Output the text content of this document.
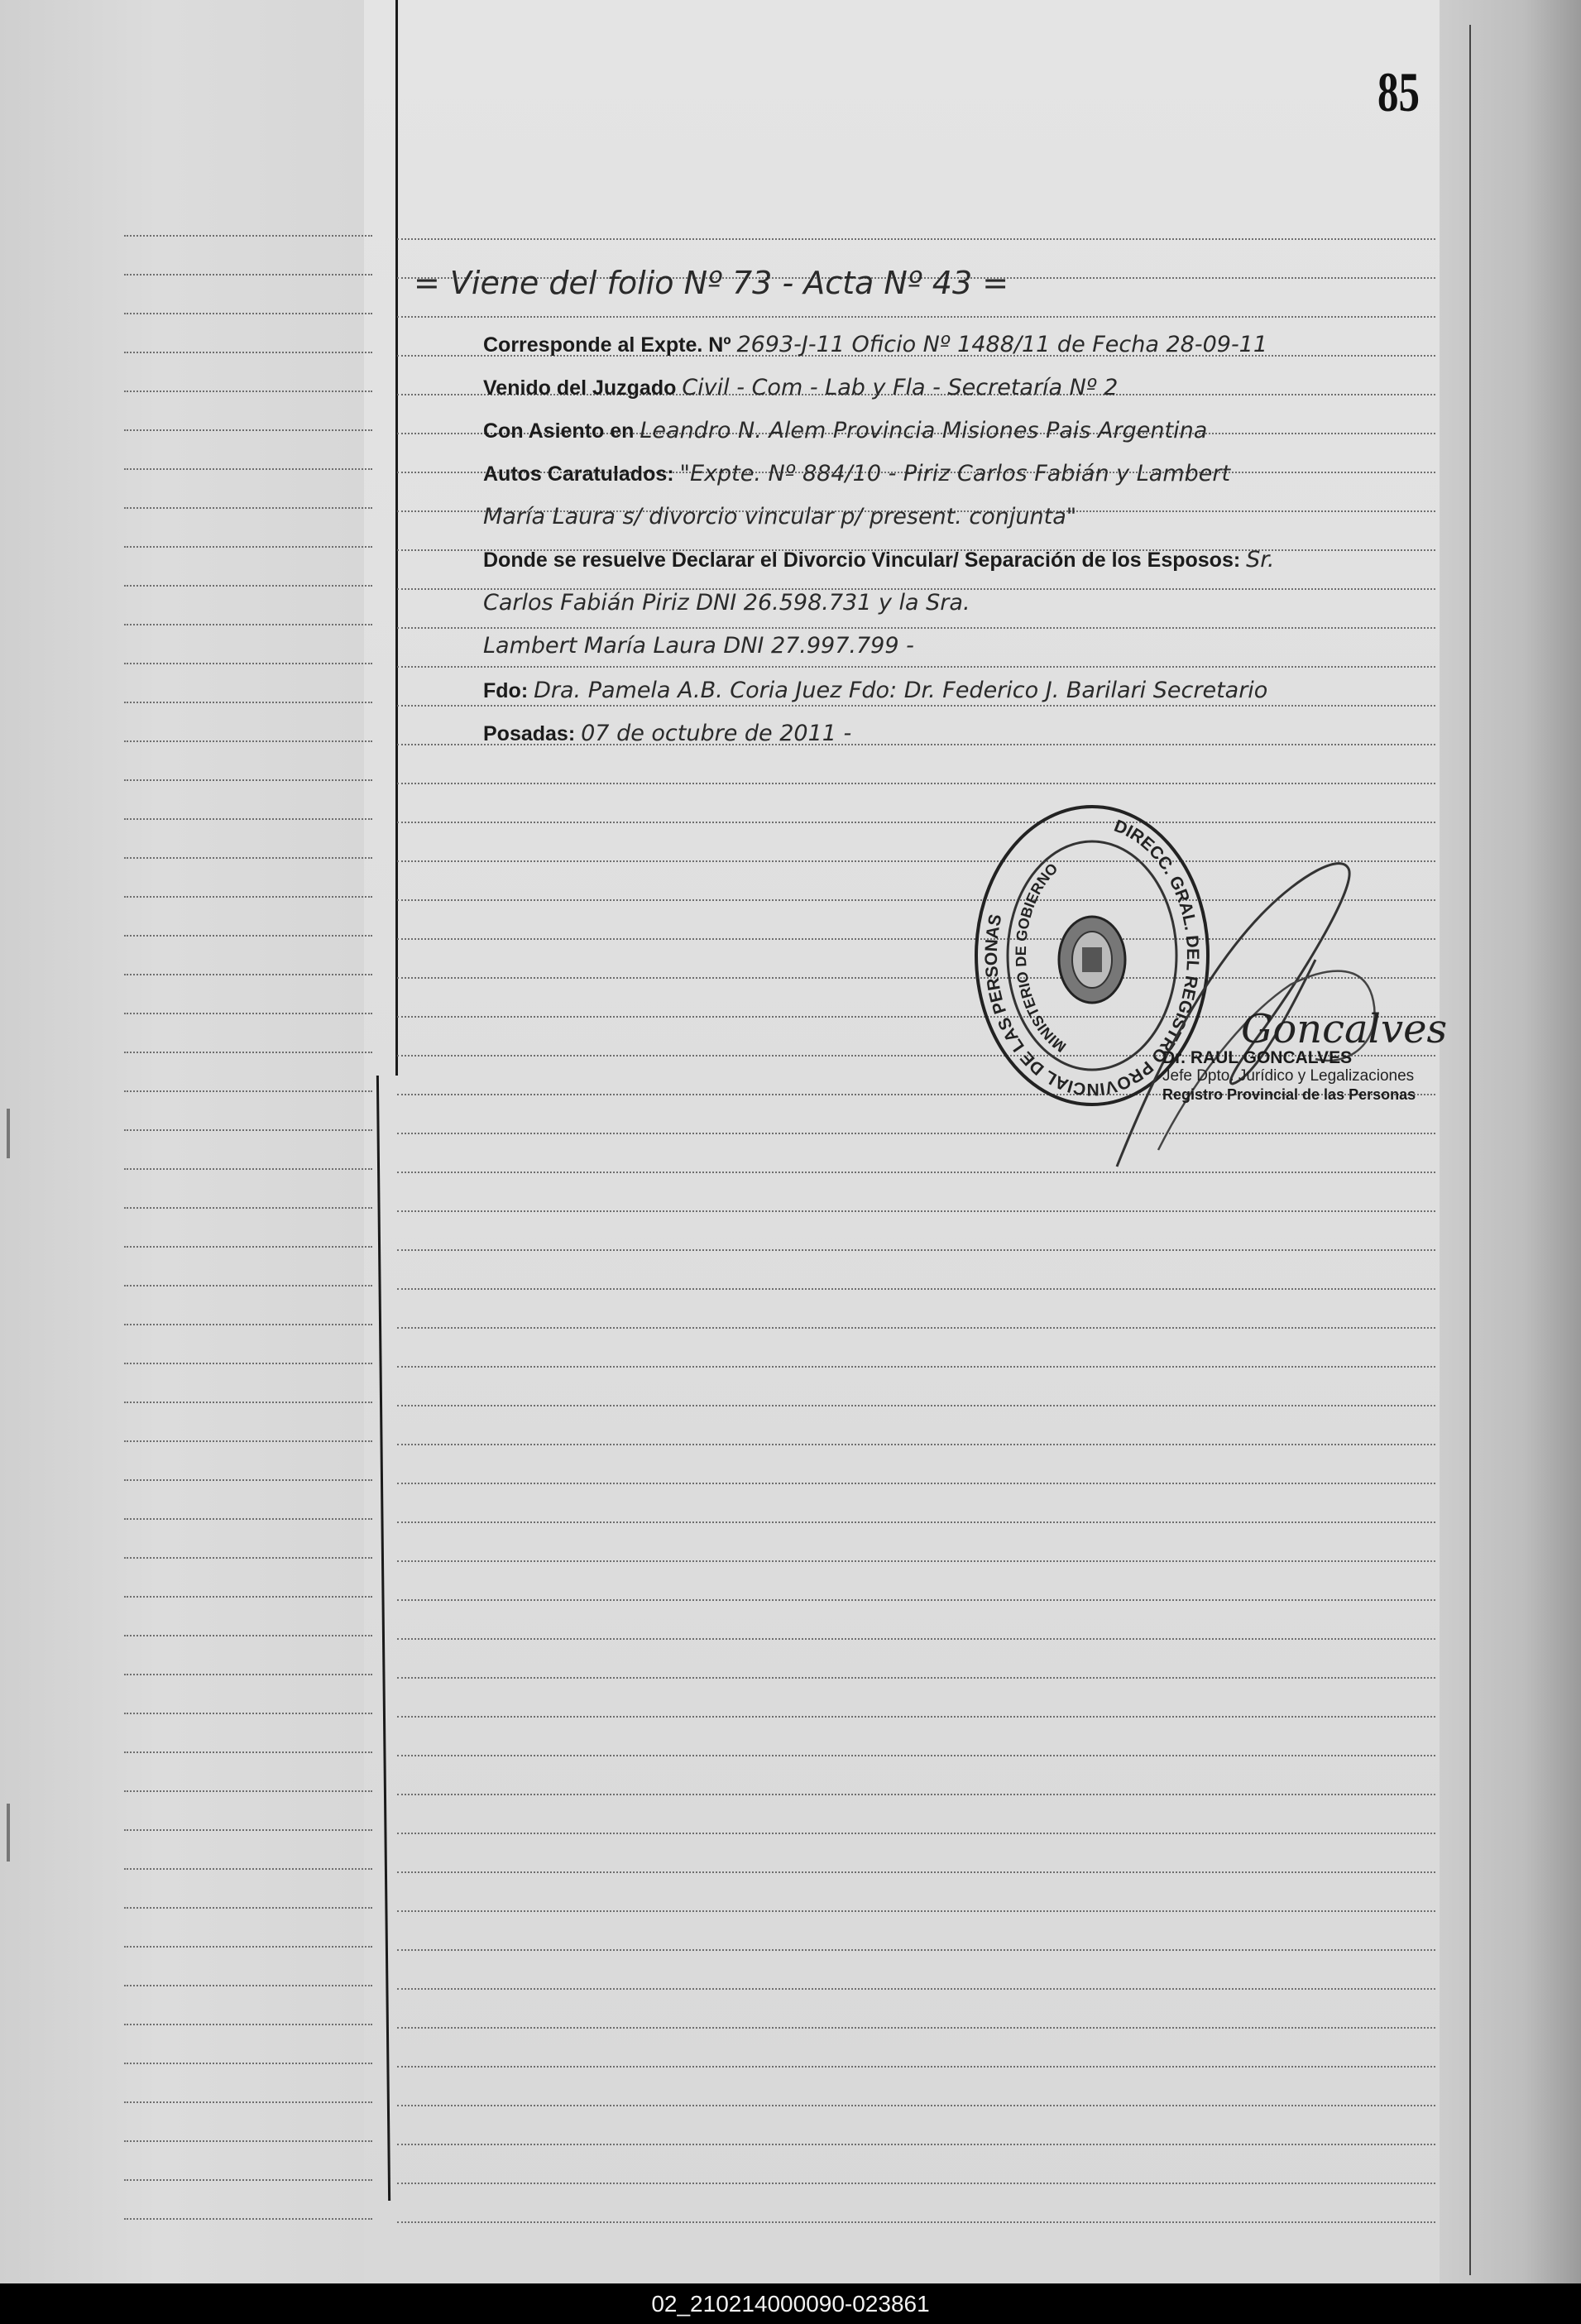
85
= Viene del folio Nº 73 - Acta Nº 43 =
Corresponde al Expte. Nº 2693-J-11 Oficio Nº 1488/11 de Fecha 28-09-11
Venido del Juzgado Civil - Com - Lab y Fla - Secretaría Nº 2
Con Asiento en Leandro N. Alem Provincia Misiones Pais Argentina
Autos Caratulados: "Expte. Nº 884/10 - Piriz Carlos Fabián y Lambert
María Laura s/ divorcio vincular p/ present. conjunta"
Donde se resuelve Declarar el Divorcio Vincular/ Separación de los Esposos: Sr.
Carlos Fabián Piriz DNI 26.598.731 y la Sra.
Lambert María Laura DNI 27.997.799 -
Fdo: Dra. Pamela A.B. Coria Juez Fdo: Dr. Federico J. Barilari Secretario
Posadas: 07 de octubre de 2011 -
DIRECC. GRAL. DEL REGISTRO PROVINCIAL DE LAS PERSONAS
MINISTERIO DE GOBIERNO
Goncalves
Dr. RAUL GONCALVES
Jefe Dpto. Jurídico y Legalizaciones
Registro Provincial de las Personas
02_210214000090-023861
